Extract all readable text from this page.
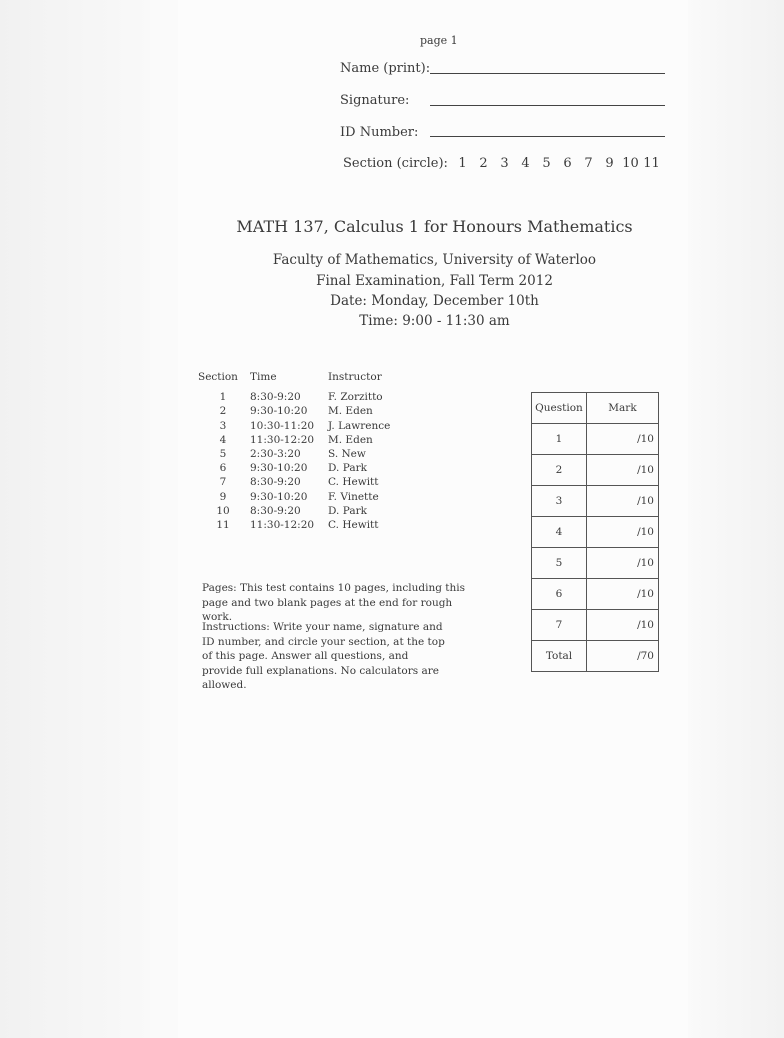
page 1
Name (print):
Signature:
ID Number:
Section (circle): 1 2 3 4 5 6 7 9 10 11
MATH 137, Calculus 1 for Honours Mathematics
Faculty of Mathematics, University of Waterloo
Final Examination, Fall Term 2012
Date: Monday, December 10th
Time: 9:00 - 11:30 am
Section	Time	Instructor
1	8:30-9:20	F. Zorzitto
2	9:30-10:20	M. Eden
3	10:30-11:20	J. Lawrence
4	11:30-12:20	M. Eden
5	2:30-3:20	S. New
6	9:30-10:20	D. Park
7	8:30-9:20	C. Hewitt
9	9:30-10:20	F. Vinette
10	8:30-9:20	D. Park
11	11:30-12:20	C. Hewitt
Pages: This test contains 10 pages, including this page and two blank pages at the end for rough work.
Instructions: Write your name, signature and ID number, and circle your section, at the top of this page. Answer all questions, and provide full explanations. No calculators are allowed.
Question	Mark
1	/10
2	/10
3	/10
4	/10
5	/10
6	/10
7	/10
Total	/70
